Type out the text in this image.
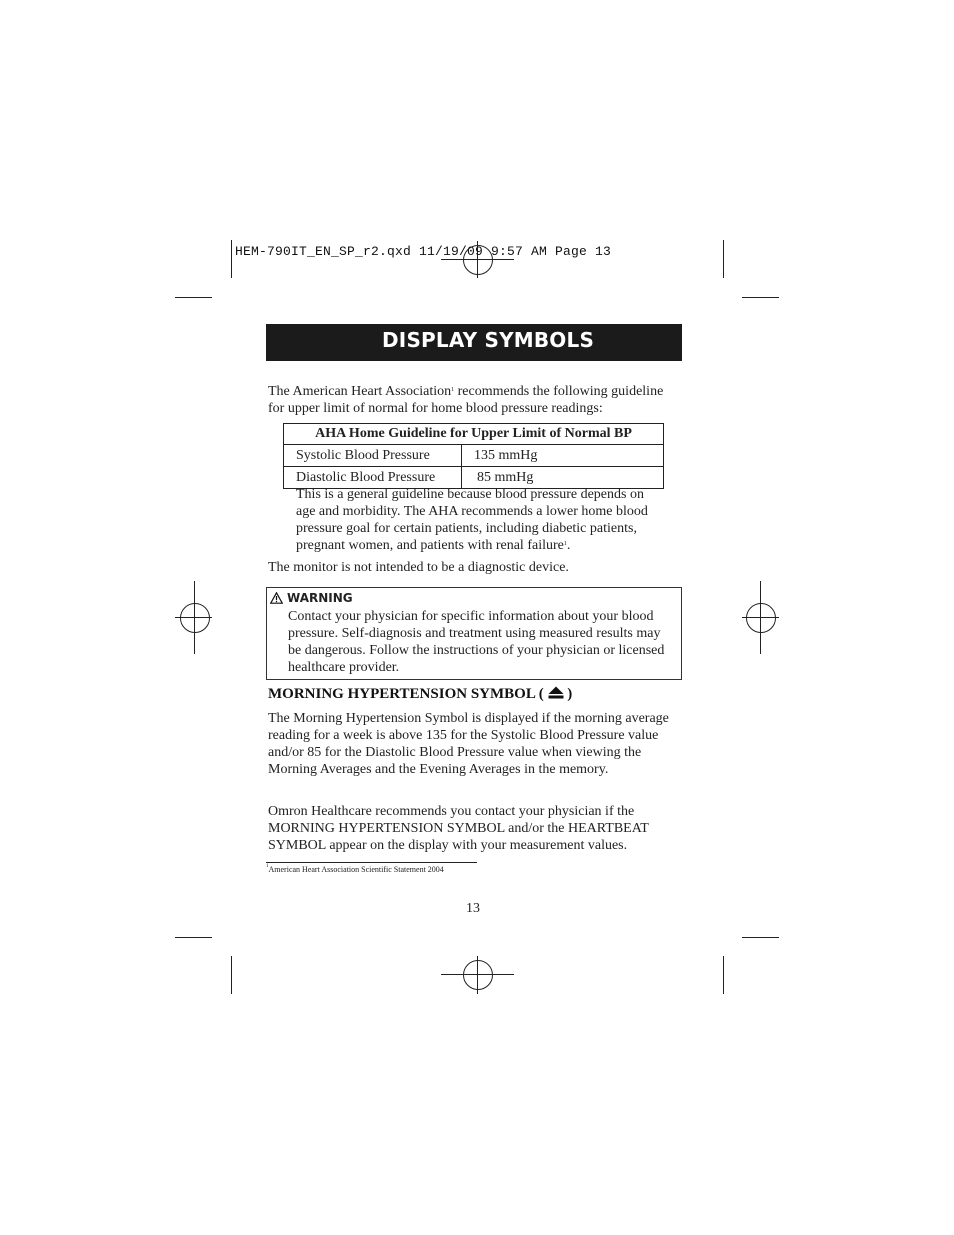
HEM-790IT_EN_SP_r2.qxd 11/19/09 9:57 AM Page 13
DISPLAY SYMBOLS
The American Heart Association$^1$ recommends the following guideline
for upper limit of normal for home blood pressure readings:
AHA Home Guideline for Upper Limit of Normal BP	
Systolic Blood Pressure	135 mmHg
Diastolic Blood Pressure	85 mmHg
This is a general guideline because blood pressure depends on
age and morbidity. The AHA recommends a lower home blood
pressure goal for certain patients, including diabetic patients,
pregnant women, and patients with renal failure$^1$.
The monitor is not intended to be a diagnostic device.
WARNING
Contact your physician for specific information about your blood
pressure. Self-diagnosis and treatment using measured results may
be dangerous. Follow the instructions of your physician or licensed
healthcare provider.
MORNING HYPERTENSION SYMBOL ( )
The Morning Hypertension Symbol is displayed if the morning average
reading for a week is above 135 for the Systolic Blood Pressure value
and/or 85 for the Diastolic Blood Pressure value when viewing the
Morning Averages and the Evening Averages in the memory.
Omron Healthcare recommends you contact your physician if the
MORNING HYPERTENSION SYMBOL and/or the HEARTBEAT
SYMBOL appear on the display with your measurement values.
$^1$American Heart Association Scientific Statement 2004
13
